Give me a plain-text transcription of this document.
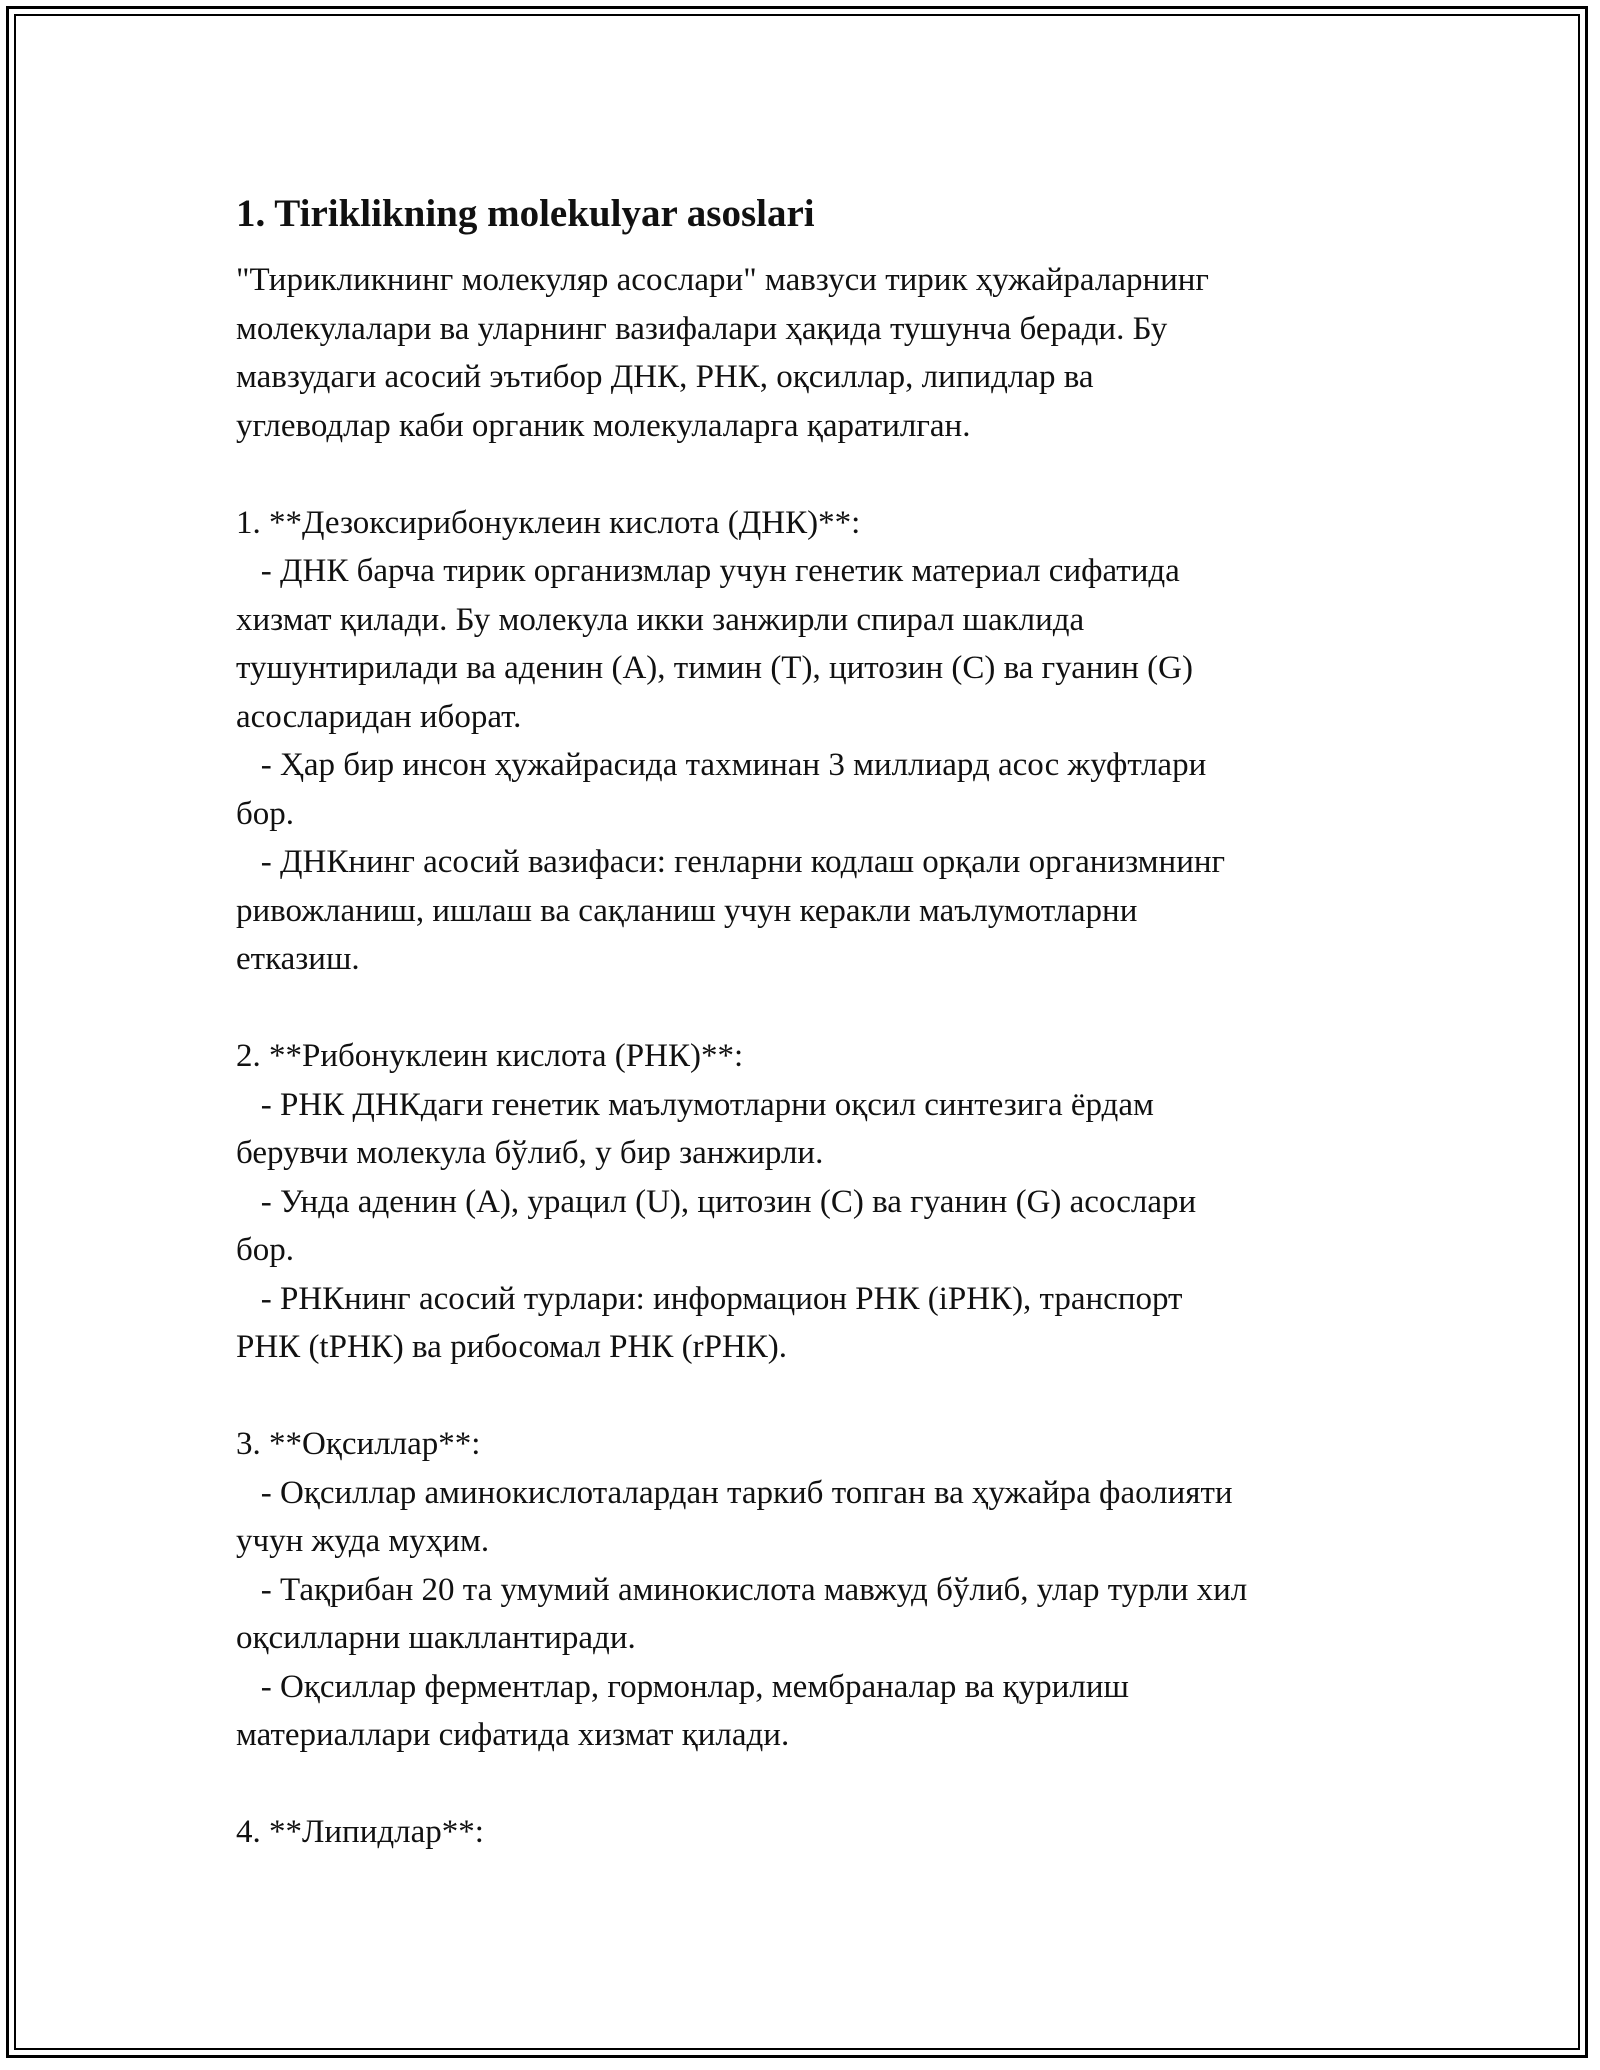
1. Tiriklikning molekulyar asoslari
"Тирикликнинг молекуляр асослари" мавзуси тирик ҳужайраларнинг
молекулалари ва уларнинг вазифалари ҳақида тушунча беради. Бу
мавзудаги асосий эътибор ДНК, РНК, оқсиллар, липидлар ва
углеводлар каби органик молекулаларга қаратилган.

1. **Дезоксирибонуклеин кислота (ДНК)**:
- ДНК барча тирик организмлар учун генетик материал сифатида
хизмат қилади. Бу молекула икки занжирли спирал шаклида
тушунтирилади ва аденин (A), тимин (T), цитозин (C) ва гуанин (G)
асосларидан иборат.
- Ҳар бир инсон ҳужайрасида тахминан 3 миллиард асос жуфтлари
бор.
- ДНКнинг асосий вазифаси: генларни кодлаш орқали организмнинг
ривожланиш, ишлаш ва сақланиш учун керакли маълумотларни
етказиш.

2. **Рибонуклеин кислота (РНК)**:
- РНК ДНКдаги генетик маълумотларни оқсил синтезига ёрдам
берувчи молекула бўлиб, у бир занжирли.
- Унда аденин (A), урацил (U), цитозин (C) ва гуанин (G) асослари
бор.
- РНКнинг асосий турлари: информацион РНК (iРНК), транспорт
РНК (tРНК) ва рибосомал РНК (rРНК).

3. **Оқсиллар**:
- Оқсиллар аминокислоталардан таркиб топган ва ҳужайра фаолияти
учун жуда муҳим.
- Тақрибан 20 та умумий аминокислота мавжуд бўлиб, улар турли хил
оқсилларни шакллантиради.
- Оқсиллар ферментлар, гормонлар, мембраналар ва қурилиш
материаллари сифатида хизмат қилади.

4. **Липидлар**:
